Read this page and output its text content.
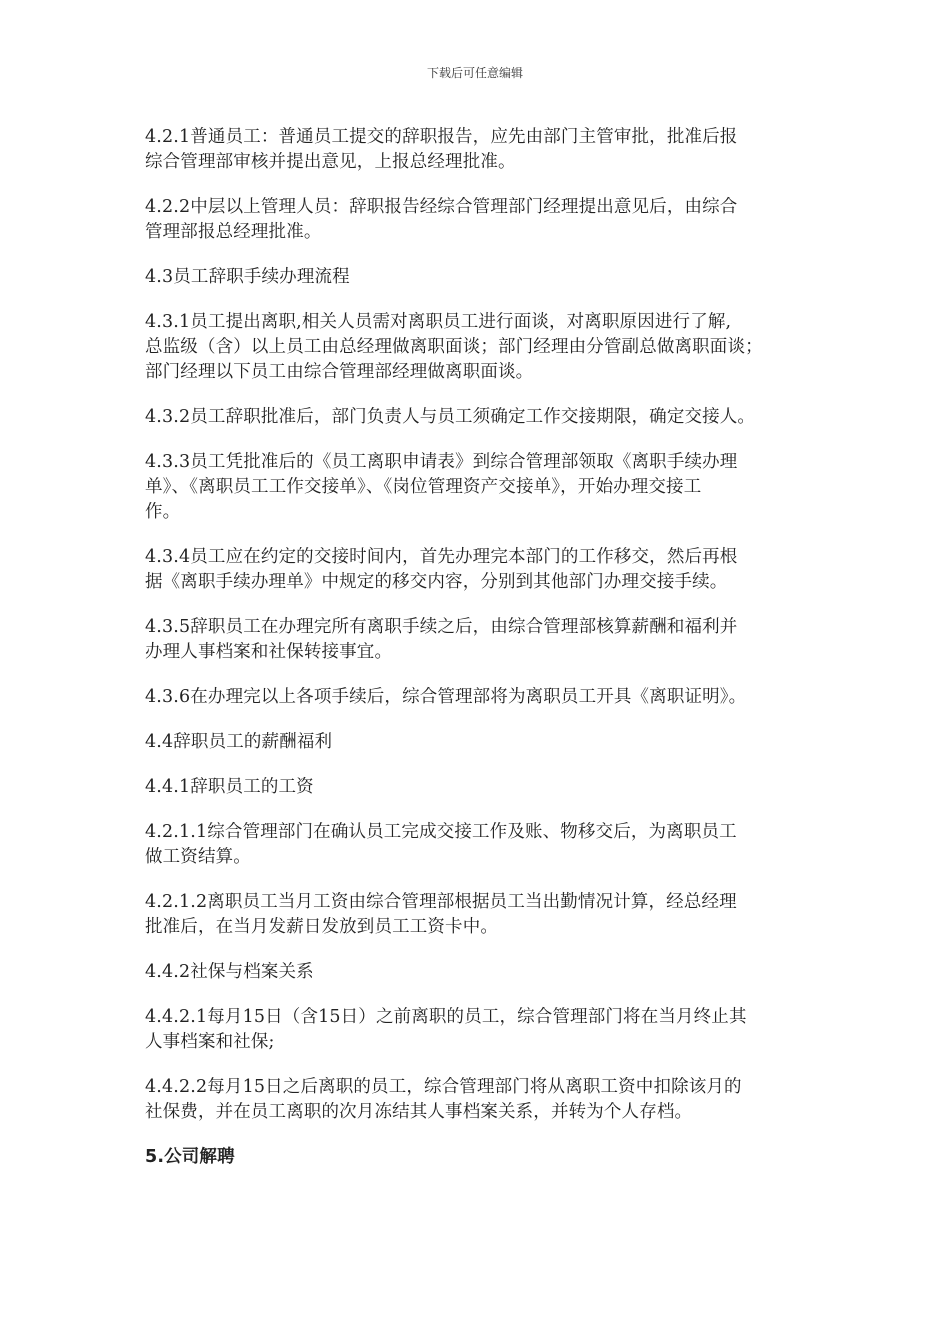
下载后可任意编辑

4.2.1普通员工：普通员工提交的辞职报告，应先由部门主管审批，批准后报
综合管理部审核并提出意见，上报总经理批准。

4.2.2中层以上管理人员：辞职报告经综合管理部门经理提出意见后，由综合
管理部报总经理批准。

4.3员工辞职手续办理流程

4.3.1员工提出离职,相关人员需对离职员工进行面谈，对离职原因进行了解,
总监级（含）以上员工由总经理做离职面谈；部门经理由分管副总做离职面谈；
部门经理以下员工由综合管理部经理做离职面谈。

4.3.2员工辞职批准后，部门负责人与员工须确定工作交接期限，确定交接人。

4.3.3员工凭批准后的《员工离职申请表》到综合管理部领取《离职手续办理
单》、《离职员工工作交接单》、《岗位管理资产交接单》，开始办理交接工
作。

4.3.4员工应在约定的交接时间内，首先办理完本部门的工作移交，然后再根
据《离职手续办理单》中规定的移交内容，分别到其他部门办理交接手续。

4.3.5辞职员工在办理完所有离职手续之后，由综合管理部核算薪酬和福利并
办理人事档案和社保转接事宜。

4.3.6在办理完以上各项手续后，综合管理部将为离职员工开具《离职证明》。

4.4辞职员工的薪酬福利

4.4.1辞职员工的工资

4.2.1.1综合管理部门在确认员工完成交接工作及账、物移交后，为离职员工
做工资结算。

4.2.1.2离职员工当月工资由综合管理部根据员工当出勤情况计算，经总经理
批准后，在当月发薪日发放到员工工资卡中。

4.4.2社保与档案关系

4.4.2.1每月15日（含15日）之前离职的员工，综合管理部门将在当月终止其
人事档案和社保;

4.4.2.2每月15日之后离职的员工，综合管理部门将从离职工资中扣除该月的
社保费，并在员工离职的次月冻结其人事档案关系，并转为个人存档。

5.公司解聘
